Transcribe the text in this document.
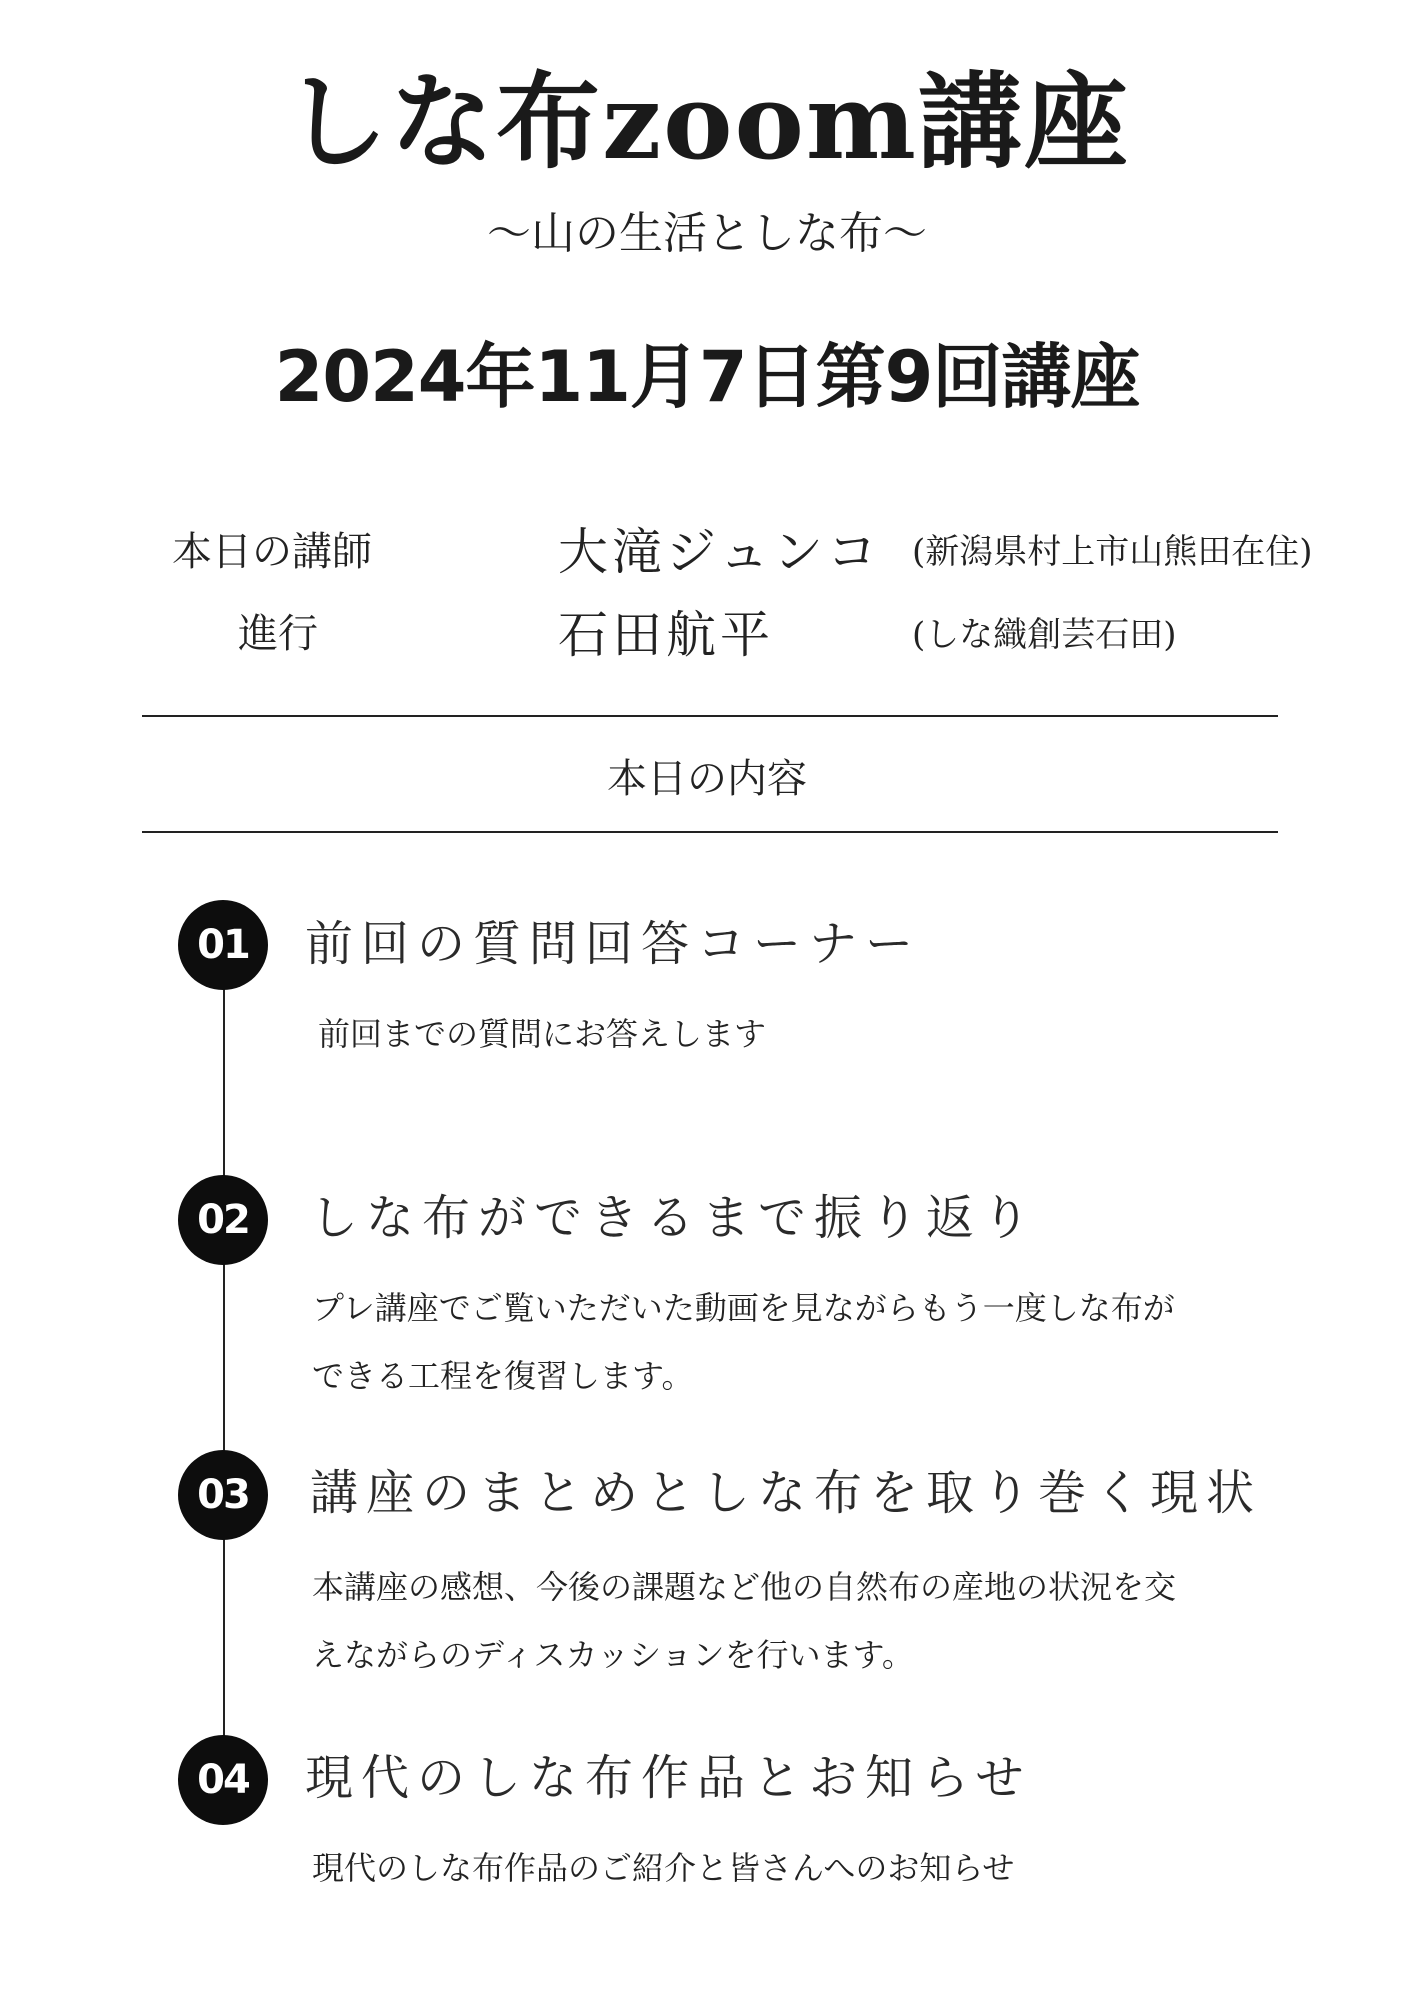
しな布zoom講座
〜山の生活としな布〜
2024年11月7日第9回講座
本日の講師	大滝ジュンコ (新潟県村上市山熊田在住)
進行	石田航平	(しな織創芸石田)
本日の内容
01	前回の質問回答コーナー
前回までの質問にお答えします
02	しな布ができるまで振り返り
プレ講座でご覧いただいた動画を見ながらもう一度しな布が
できる工程を復習します。
03	講座のまとめとしな布を取り巻く現状
本講座の感想、今後の課題など他の自然布の産地の状況を交
えながらのディスカッションを行います。
04	現代のしな布作品とお知らせ
現代のしな布作品のご紹介と皆さんへのお知らせ
